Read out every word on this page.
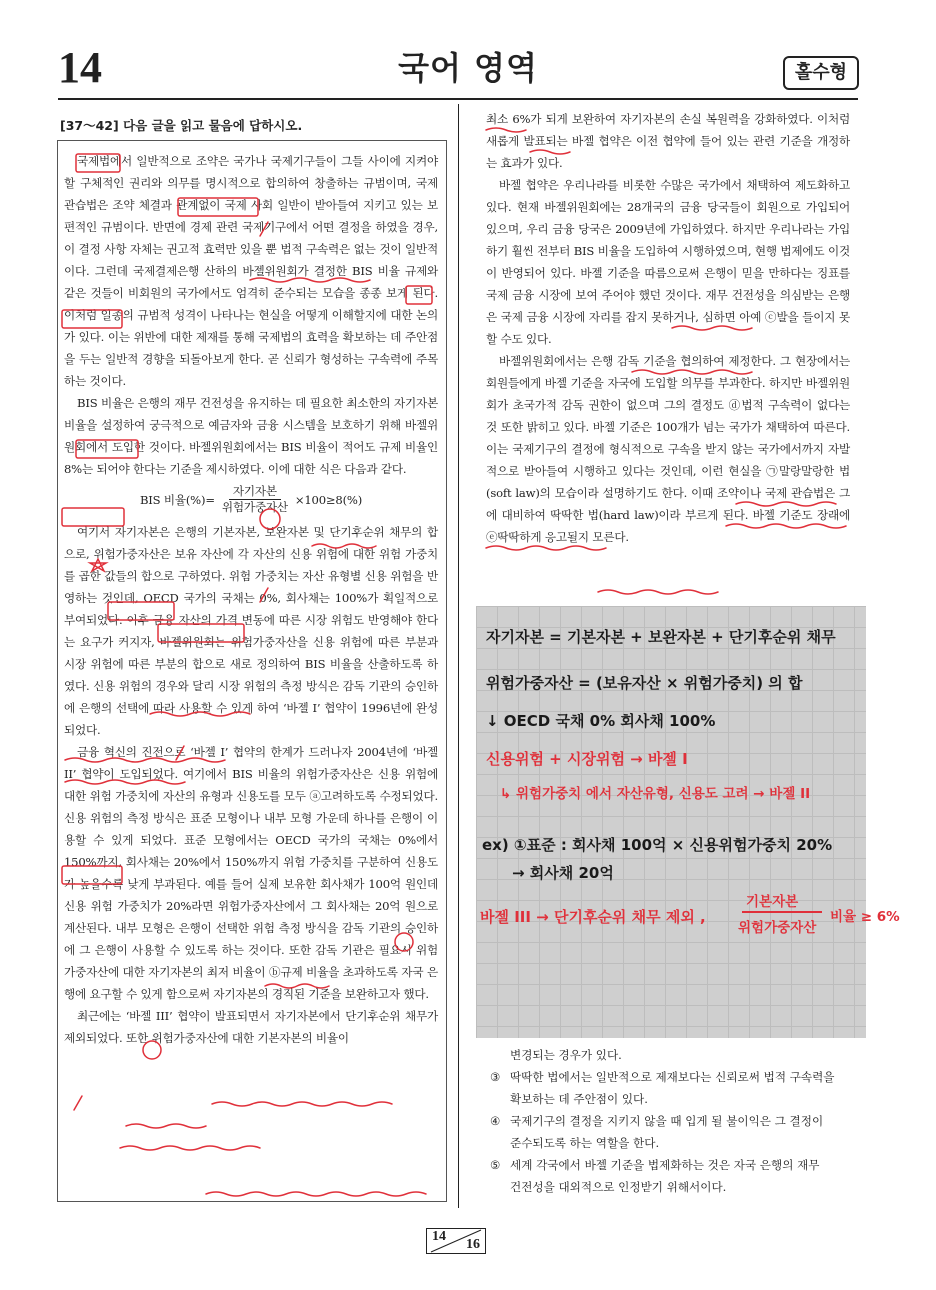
14	국어 영역	홀수형
[37～42] 다음 글을 읽고 물음에 답하시오.

국제법에서 일반적으로 조약은 국가나 국제기구들이 그들 사이에 지켜야 할 구체적인 권리와 의무를 명시적으로 합의하여 창출하는 규범이며, 국제 관습법은 조약 체결과 관계없이 국제 사회 일반이 받아들여 지키고 있는 보편적인 규범이다. 반면에 경제 관련 국제기구에서 어떤 결정을 하였을 경우, 이 결정 사항 자체는 권고적 효력만 있을 뿐 법적 구속력은 없는 것이 일반적이다. 그런데 국제결제은행 산하의 바젤위원회가 결정한 BIS 비율 규제와 같은 것들이 비회원의 국가에서도 엄격히 준수되는 모습을 종종 보게 된다. 이처럼 일종의 규범적 성격이 나타나는 현실을 어떻게 이해할지에 대한 논의가 있다. 이는 위반에 대한 제재를 통해 국제법의 효력을 확보하는 데 주안점을 두는 일반적 경향을 되돌아보게 한다. 곧 신뢰가 형성하는 구속력에 주목하는 것이다.

BIS 비율은 은행의 재무 건전성을 유지하는 데 필요한 최소한의 자기자본 비율을 설정하여 궁극적으로 예금자와 금융 시스템을 보호하기 위해 바젤위원회에서 도입한 것이다. 바젤위원회에서는 BIS 비율이 적어도 규제 비율인 8%는 되어야 한다는 기준을 제시하였다. 이에 대한 식은 다음과 같다.

BIS 비율(%)= $\frac{\text{자기자본}}{\text{위험가중자산}} \times 100\ge 8(\%)$

여기서 자기자본은 은행의 기본자본, 보완자본 및 단기후순위 채무의 합으로, 위험가중자산은 보유 자산에 각 자산의 신용 위험에 대한 위험 가중치를 곱한 값들의 합으로 구하였다. 위험 가중치는 자산 유형별 신용 위험을 반영하는 것인데, OECD 국가의 국채는 0%, 회사채는 100%가 획일적으로 부여되었다. 이후 금융 자산의 가격 변동에 따른 시장 위험도 반영해야 한다는 요구가 커지자, 바젤위원회는 위험가중자산을 신용 위험에 따른 부분과 시장 위험에 따른 부분의 합으로 새로 정의하여 BIS 비율을 산출하도록 하였다. 신용 위험의 경우와 달리 시장 위험의 측정 방식은 감독 기관의 승인하에 은행의 선택에 따라 사용할 수 있게 하여 ‘바젤 I’ 협약이 1996년에 완성되었다.

금융 혁신의 진전으로 ‘바젤 I’ 협약의 한계가 드러나자 2004년에 ‘바젤 II’ 협약이 도입되었다. 여기에서 BIS 비율의 위험가중자산은 신용 위험에 대한 위험 가중치에 자산의 유형과 신용도를 모두 ⓐ고려하도록 수정되었다. 신용 위험의 측정 방식은 표준 모형이나 내부 모형 가운데 하나를 은행이 이용할 수 있게 되었다. 표준 모형에서는 OECD 국가의 국채는 0%에서 150%까지, 회사채는 20%에서 150%까지 위험 가중치를 구분하여 신용도가 높을수록 낮게 부과된다. 예를 들어 실제 보유한 회사채가 100억 원인데 신용 위험 가중치가 20%라면 위험가중자산에서 그 회사채는 20억 원으로 계산된다. 내부 모형은 은행이 선택한 위험 측정 방식을 감독 기관의 승인하에 그 은행이 사용할 수 있도록 하는 것이다. 또한 감독 기관은 필요시 위험가중자산에 대한 자기자본의 최저 비율이 ⓑ규제 비율을 초과하도록 자국 은행에 요구할 수 있게 함으로써 자기자본의 경직된 기준을 보완하고자 했다.

최근에는 ‘바젤 III’ 협약이 발표되면서 자기자본에서 단기후순위 채무가 제외되었다. 또한 위험가중자산에 대한 기본자본의 비율이

최소 6%가 되게 보완하여 자기자본의 손실 복원력을 강화하였다. 이처럼 새롭게 발표되는 바젤 협약은 이전 협약에 들어 있는 관련 기준을 개정하는 효과가 있다.

바젤 협약은 우리나라를 비롯한 수많은 국가에서 채택하여 제도화하고 있다. 현재 바젤위원회에는 28개국의 금융 당국들이 회원으로 가입되어 있으며, 우리 금융 당국은 2009년에 가입하였다. 하지만 우리나라는 가입하기 훨씬 전부터 BIS 비율을 도입하여 시행하였으며, 현행 법제에도 이것이 반영되어 있다. 바젤 기준을 따름으로써 은행이 믿을 만하다는 징표를 국제 금융 시장에 보여 주어야 했던 것이다. 재무 건전성을 의심받는 은행은 국제 금융 시장에 자리를 잡지 못하거나, 심하면 아예 ⓒ발을 들이지 못할 수도 있다.

바젤위원회에서는 은행 감독 기준을 협의하여 제정한다. 그 현장에서는 회원들에게 바젤 기준을 자국에 도입할 의무를 부과한다. 하지만 바젤위원회가 초국가적 감독 권한이 없으며 그의 결정도 ⓓ법적 구속력이 없다는 것 또한 밝히고 있다. 바젤 기준은 100개가 넘는 국가가 채택하여 따른다. 이는 국제기구의 결정에 형식적으로 구속을 받지 않는 국가에서까지 자발적으로 받아들여 시행하고 있다는 것인데, 이런 현실을 ㉠말랑말랑한 법(soft law)의 모습이라 설명하기도 한다. 이때 조약이나 국제 관습법은 그에 대비하여 딱딱한 법(hard law)이라 부르게 된다. 바젤 기준도 장래에 ⓔ딱딱하게 응고될지 모른다.

자기자본 = 기본자본 + 보완자본 + 단기후순위 채무
위험가중자산 = (보유자산 × 위험가중치) 의 합
↓ OECD 국채 0% 회사채 100%
신용위험 + 시장위험 → 바젤 I
↳ 위험가중치 에서 자산유형, 신용도 고려 → 바젤 II
ex) ①표준 : 회사채 100억 × 신용위험가중치 20%
→ 회사채 20억
바젤 III → 단기후순위 채무 제외 ,
기본자본
위험가중자산
비율 ≥ 6%
변경되는 경우가 있다.
③ 딱딱한 법에서는 일반적으로 제재보다는 신뢰로써 법적 구속력을
확보하는 데 주안점이 있다.
④ 국제기구의 결정을 지키지 않을 때 입게 될 불이익은 그 결정이
준수되도록 하는 역할을 한다.
⑤ 세계 각국에서 바젤 기준을 법제화하는 것은 자국 은행의 재무
건전성을 대외적으로 인정받기 위해서이다.
14
16
